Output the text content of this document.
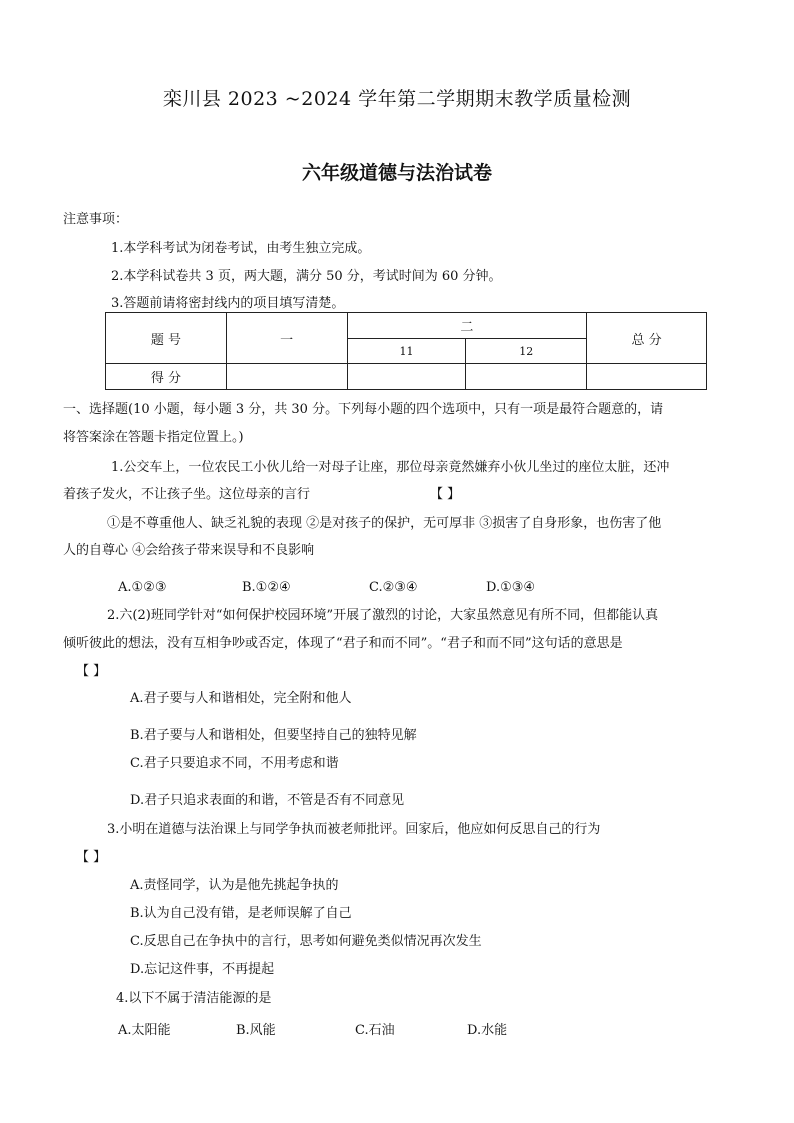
栾川县 2023 ~2024 学年第二学期期末教学质量检测
六年级道德与法治试卷
注意事项：
1.本学科考试为闭卷考试，由考生独立完成。
2.本学科试卷共 3 页，两大题，满分 50 分，考试时间为 60 分钟。
3.答题前请将密封线内的项目填写清楚。
题 号	一	二		总 分
		11	12	
得 分				
一、选择题(10 小题，每小题 3 分，共 30 分。下列每小题的四个选项中，只有一项是最符合题意的，请
将答案涂在答题卡指定位置上。)
1.公交车上，一位农民工小伙儿给一对母子让座，那位母亲竟然嫌弃小伙儿坐过的座位太脏，还冲
着孩子发火，不让孩子坐。这位母亲的言行	【 】
①是不尊重他人、缺乏礼貌的表现 ②是对孩子的保护，无可厚非 ③损害了自身形象，也伤害了他
人的自尊心 ④会给孩子带来误导和不良影响
A.①②③	B.①②④	C.②③④	D.①③④
2.六(2)班同学针对“如何保护校园环境”开展了激烈的讨论，大家虽然意见有所不同，但都能认真
倾听彼此的想法，没有互相争吵或否定，体现了“君子和而不同”。“君子和而不同”这句话的意思是
【 】
A.君子要与人和谐相处，完全附和他人
B.君子要与人和谐相处，但要坚持自己的独特见解
C.君子只要追求不同，不用考虑和谐
D.君子只追求表面的和谐，不管是否有不同意见
3.小明在道德与法治课上与同学争执而被老师批评。回家后，他应如何反思自己的行为
【 】
A.责怪同学，认为是他先挑起争执的
B.认为自己没有错，是老师误解了自己
C.反思自己在争执中的言行，思考如何避免类似情况再次发生
D.忘记这件事，不再提起
4.以下不属于清洁能源的是
A.太阳能	B.风能	C.石油	D.水能
